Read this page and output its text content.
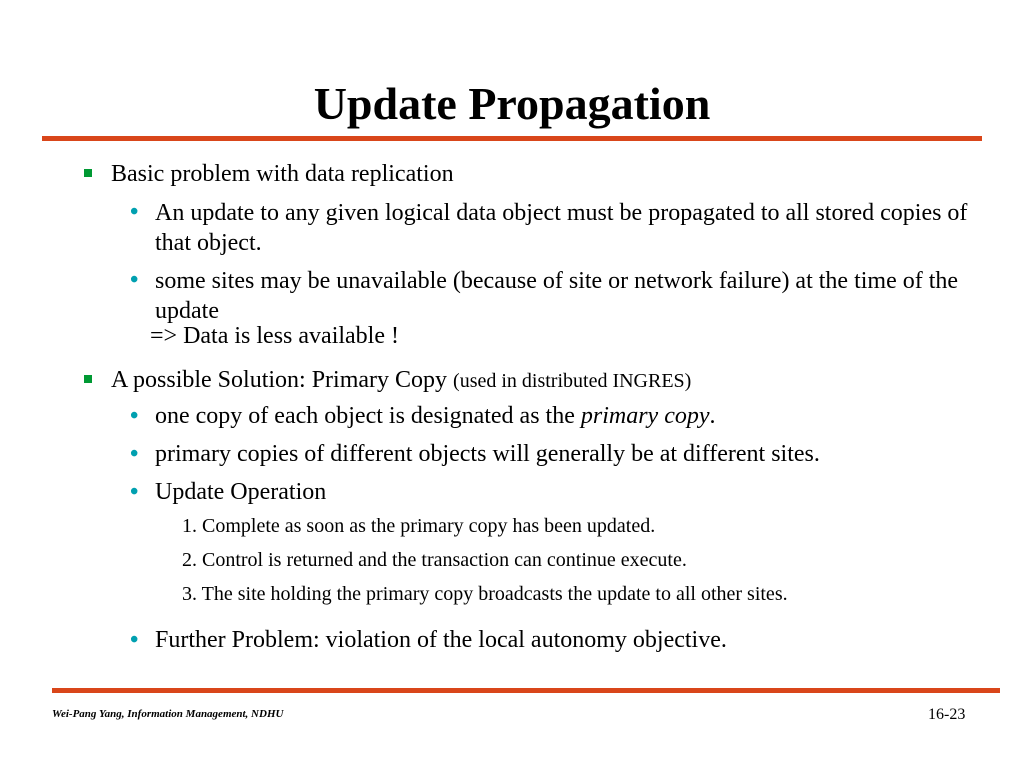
Update Propagation
Basic problem with data replication
• An update to any given logical data object must be propagated to all stored copies of that object.
• some sites may be unavailable (because of site or network failure) at the time of the update
=> Data is less available !
A possible Solution: Primary Copy (used in distributed INGRES)
• one copy of each object is designated as the primary copy.
• primary copies of different objects will generally be at different sites.
• Update Operation
1. Complete as soon as the primary copy has been updated.
2. Control is returned and the transaction can continue execute.
3. The site holding the primary copy broadcasts the update to all other sites.
• Further Problem: violation of the local autonomy objective.
Wei-Pang Yang, Information Management, NDHU	16-23
